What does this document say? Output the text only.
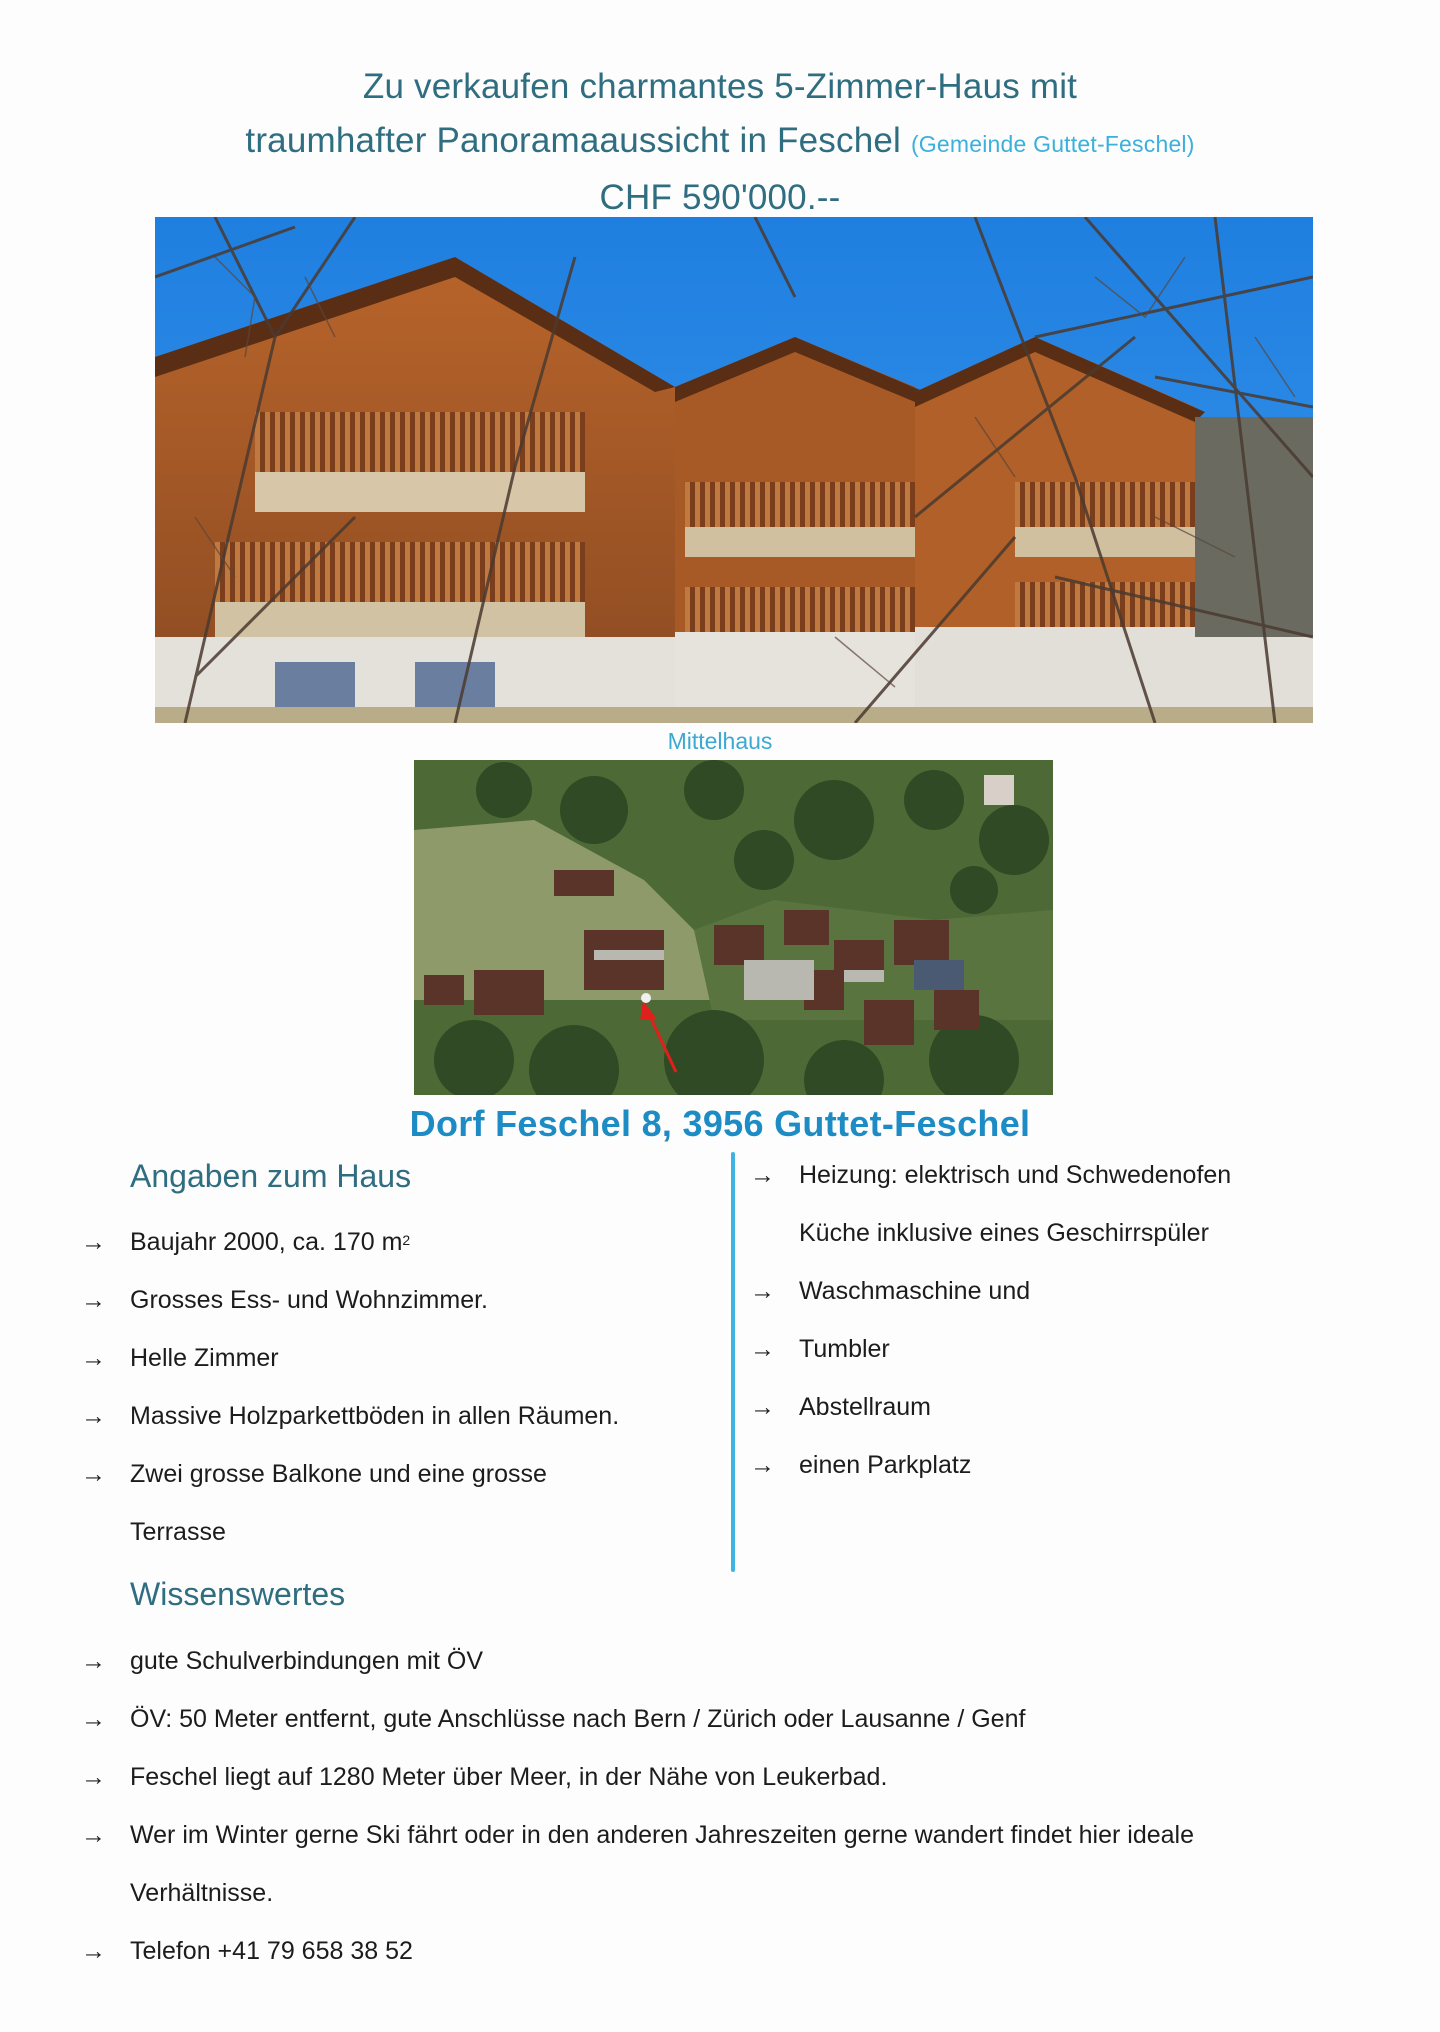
Zu verkaufen charmantes 5-Zimmer-Haus mit
traumhafter Panoramaaussicht in Feschel (Gemeinde Guttet-Feschel)
CHF 590'000.--
Mittelhaus
Dorf Feschel 8, 3956 Guttet-Feschel
Angaben zum Haus
→ Baujahr 2000, ca. 170 $m^2$
→ Grosses Ess- und Wohnzimmer.
→ Helle Zimmer
→ Massive Holzparkettböden in allen Räumen.
→ Zwei grosse Balkone und eine grosse
Terrasse
→ Heizung: elektrisch und Schwedenofen
Küche inklusive eines Geschirrspüler
→ Waschmaschine und
→ Tumbler
→ Abstellraum
→ einen Parkplatz
Wissenswertes
→ gute Schulverbindungen mit ÖV
→ ÖV: 50 Meter entfernt, gute Anschlüsse nach Bern / Zürich oder Lausanne / Genf
→ Feschel liegt auf 1280 Meter über Meer, in der Nähe von Leukerbad.
→ Wer im Winter gerne Ski fährt oder in den anderen Jahreszeiten gerne wandert findet hier ideale
Verhältnisse.
→ Telefon +41 79 658 38 52
